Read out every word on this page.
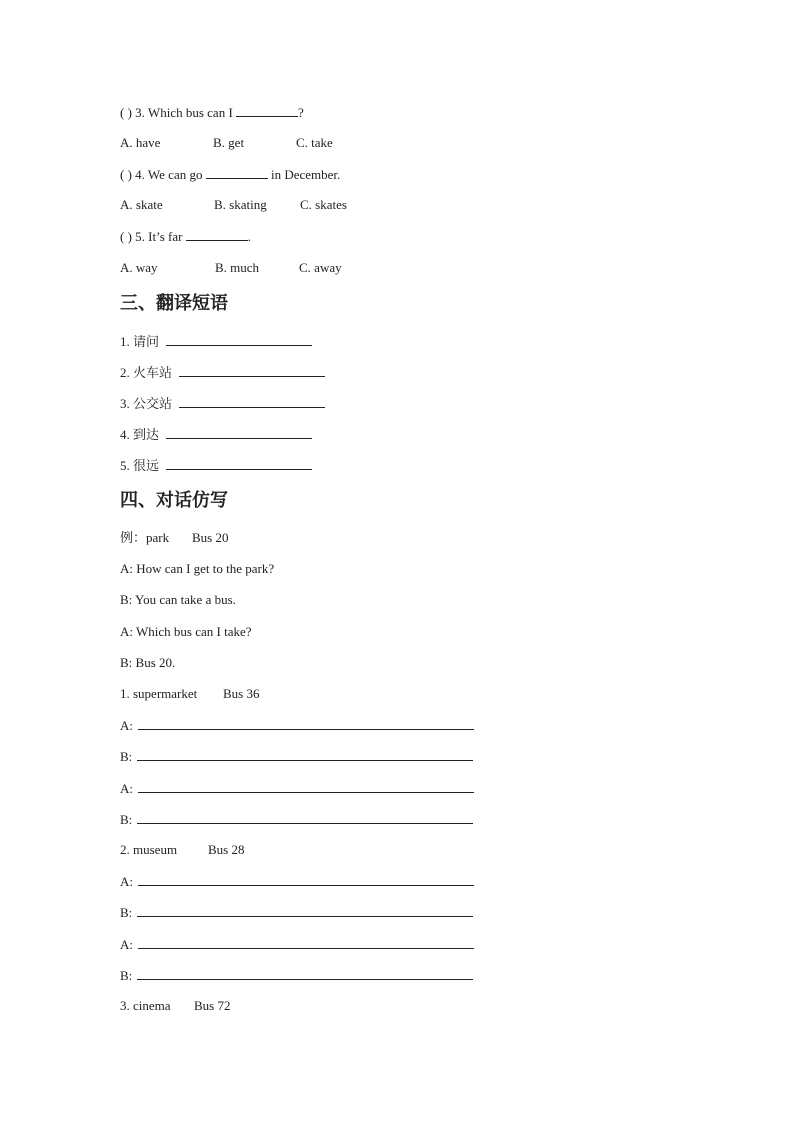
( ) 3. Which bus can I	?
A. have	B. get	C. take
( ) 4. We can go	in December.
A. skate	B. skating	C. skates
( ) 5. It’s far	.
A. way	B. much	C. away
三、翻译短语
1. 请问
2. 火车站
3. 公交站
4. 到达
5. 很远
四、对话仿写
例：park Bus 20
A: How can I get to the park?
B: You can take a bus.
A: Which bus can I take?
B: Bus 20.
1. supermarket Bus 36
A:
B:
A:
B:
2. museum Bus 28
A:
B:
A:
B:
3. cinema Bus 72
